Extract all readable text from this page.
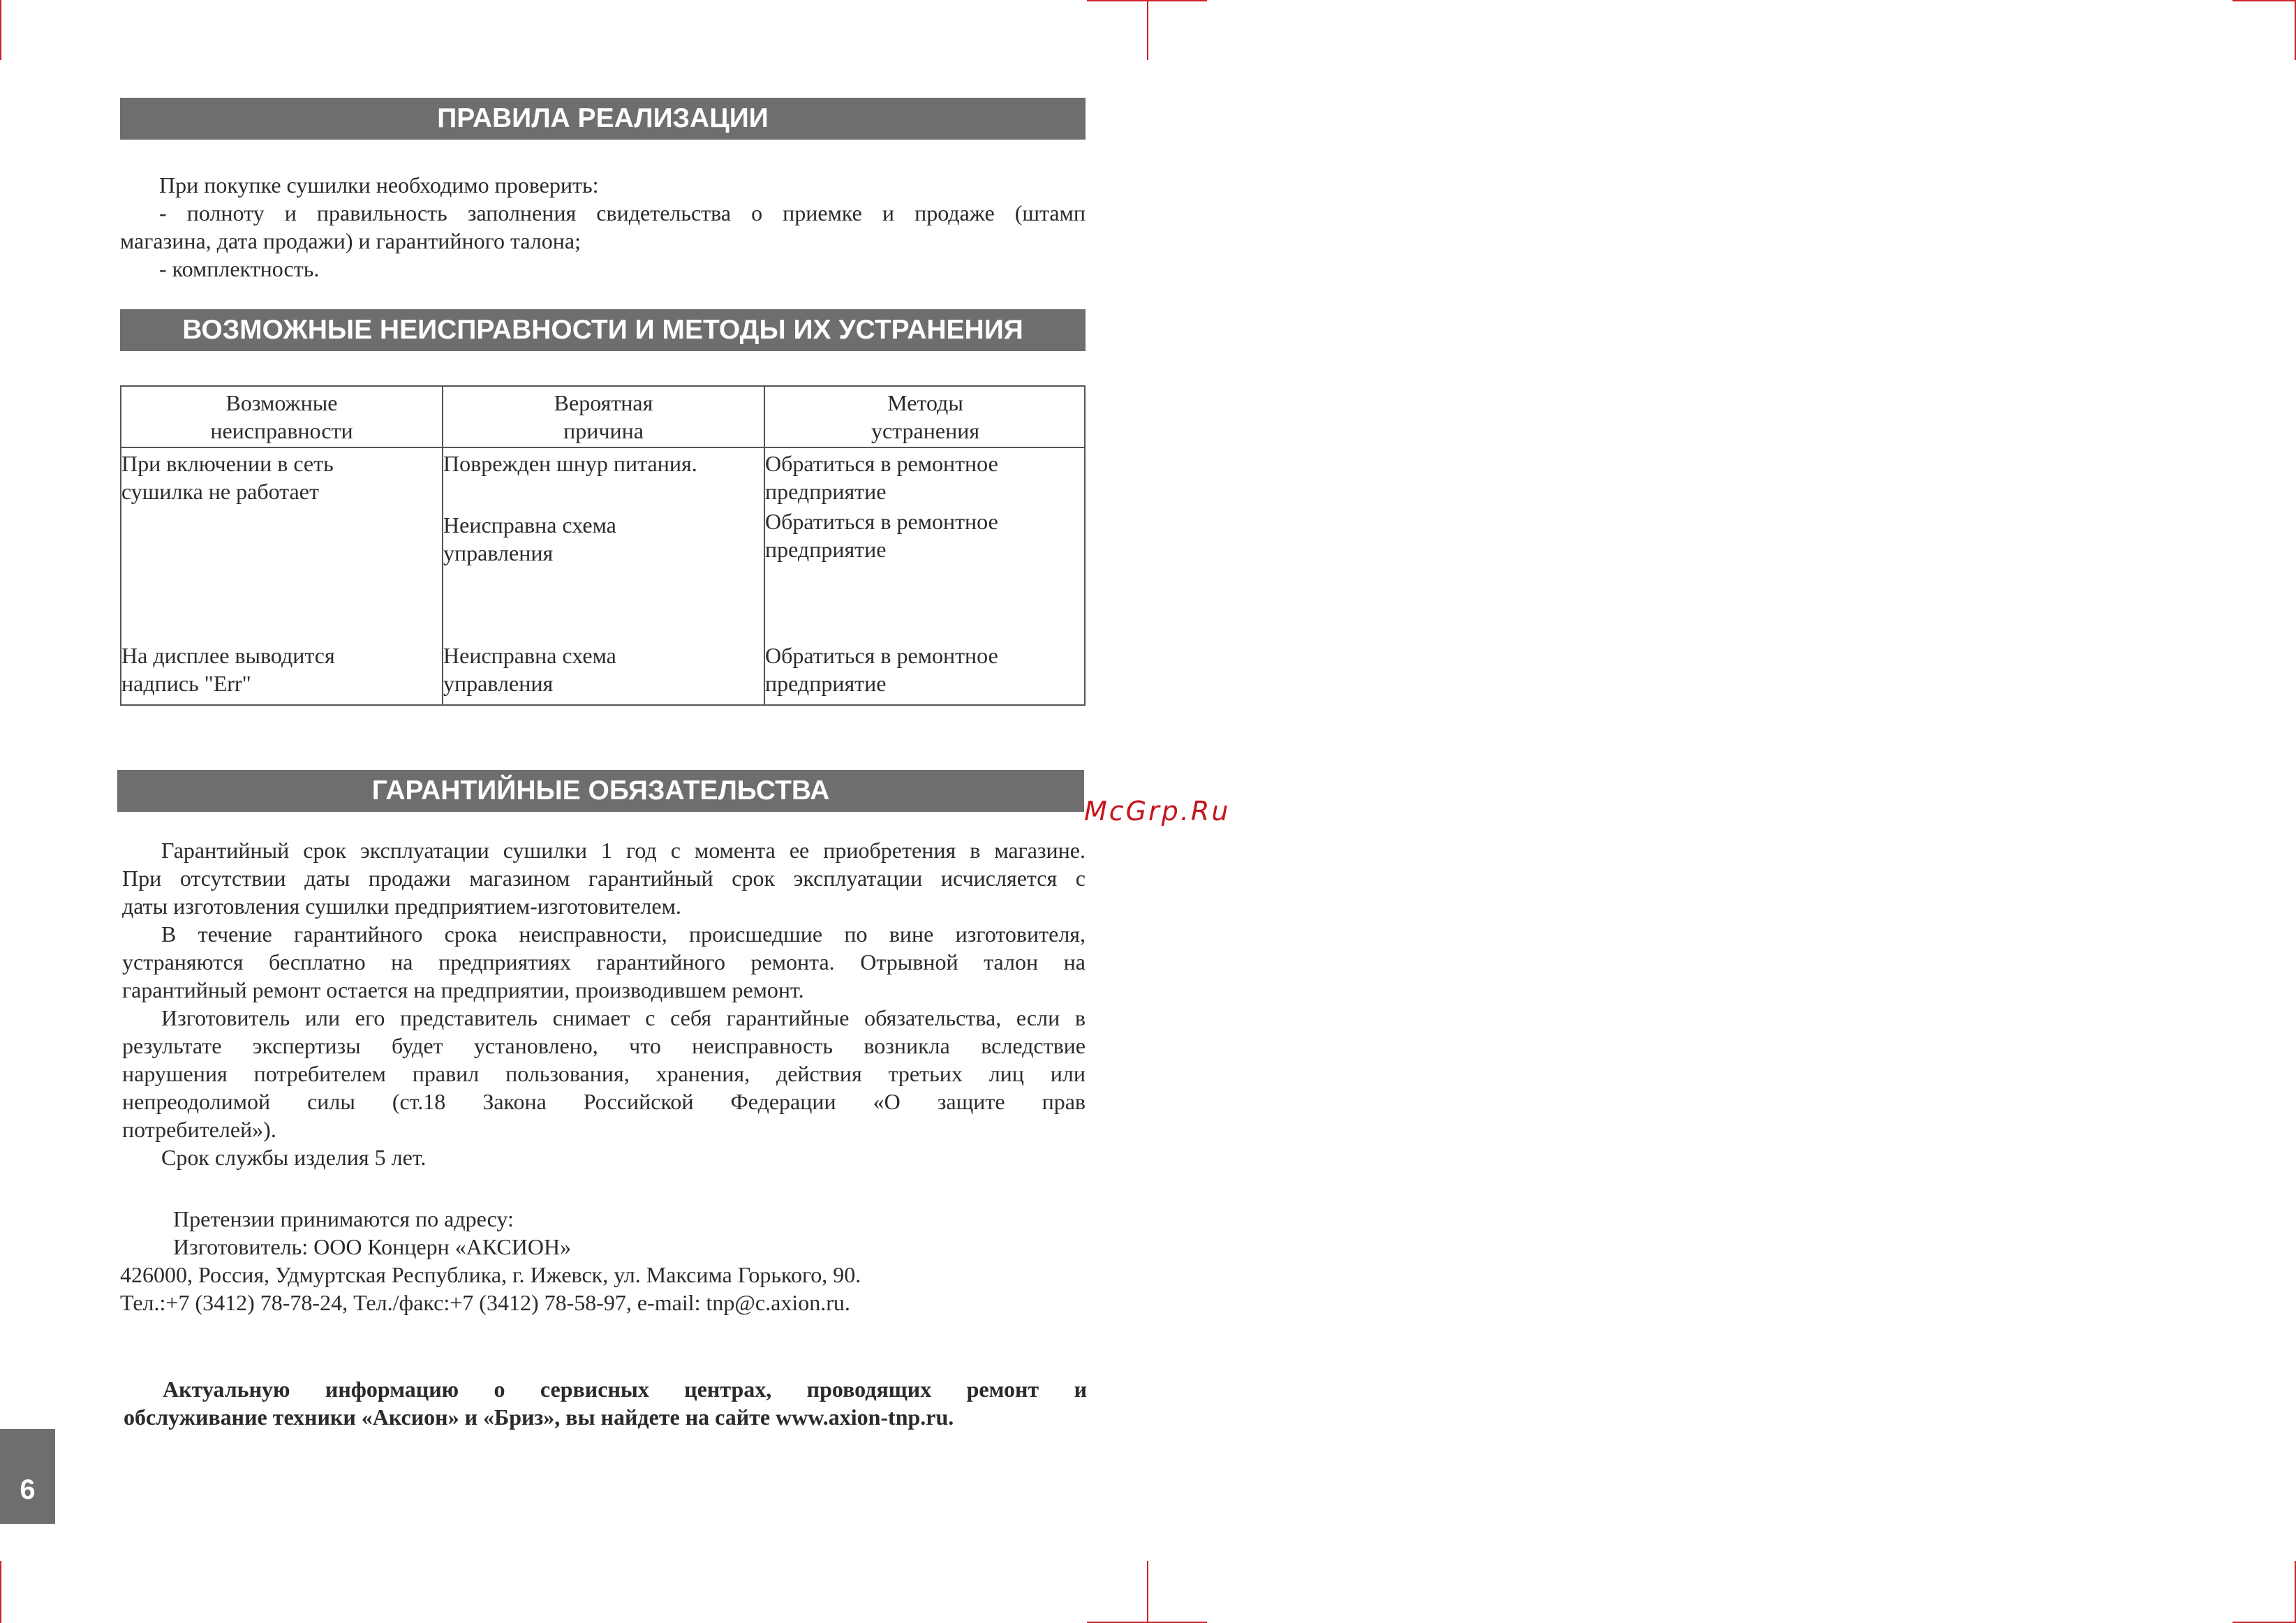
ПРАВИЛА РЕАЛИЗАЦИИ
При покупке сушилки необходимо проверить:
- полноту и правильность заполнения свидетельства о приемке и продаже (штамп
магазина, дата продажи) и гарантийного талона;
- комплектность.
ВОЗМОЖНЫЕ НЕИСПРАВНОСТИ И МЕТОДЫ ИХ УСТРАНЕНИЯ
Возможные
неисправности
Вероятная
причина
Методы
устранения
При включении в сеть
сушилка не работает
На дисплее выводится
надпись "Err"
Поврежден шнур питания.
Неисправна схема
управления
Неисправна схема
управления
Обратиться в ремонтное
предприятие
Обратиться в ремонтное
предприятие
Обратиться в ремонтное
предприятие
ГАРАНТИЙНЫЕ ОБЯЗАТЕЛЬСТВА
Гарантийный срок эксплуатации сушилки 1 год с момента ее приобретения в магазине.
При отсутствии даты продажи магазином гарантийный срок эксплуатации исчисляется с
даты изготовления сушилки предприятием-изготовителем.
В течение гарантийного срока неисправности, происшедшие по вине изготовителя,
устраняются бесплатно на предприятиях гарантийного ремонта. Отрывной талон на
гарантийный ремонт остается на предприятии, производившем ремонт.
Изготовитель или его представитель снимает с себя гарантийные обязательства, если в
результате экспертизы будет установлено, что неисправность возникла вследствие
нарушения потребителем правил пользования, хранения, действия третьих лиц или
непреодолимой силы (ст.18 Закона Российской Федерации «О защите прав
потребителей»).
Срок службы изделия 5 лет.
Претензии принимаются по адресу:
Изготовитель: ООО Концерн «АКСИОН»
426000, Россия, Удмуртская Республика, г. Ижевск, ул. Максима Горького, 90.
Тел.:+7 (3412) 78-78-24, Тел./факс:+7 (3412) 78-58-97, e-mail: tnp@c.axion.ru.
Актуальную информацию о сервисных центрах, проводящих ремонт и
обслуживание техники «Аксион» и «Бриз», вы найдете на сайте www.axion-tnp.ru.
6
McGrp.Ru
